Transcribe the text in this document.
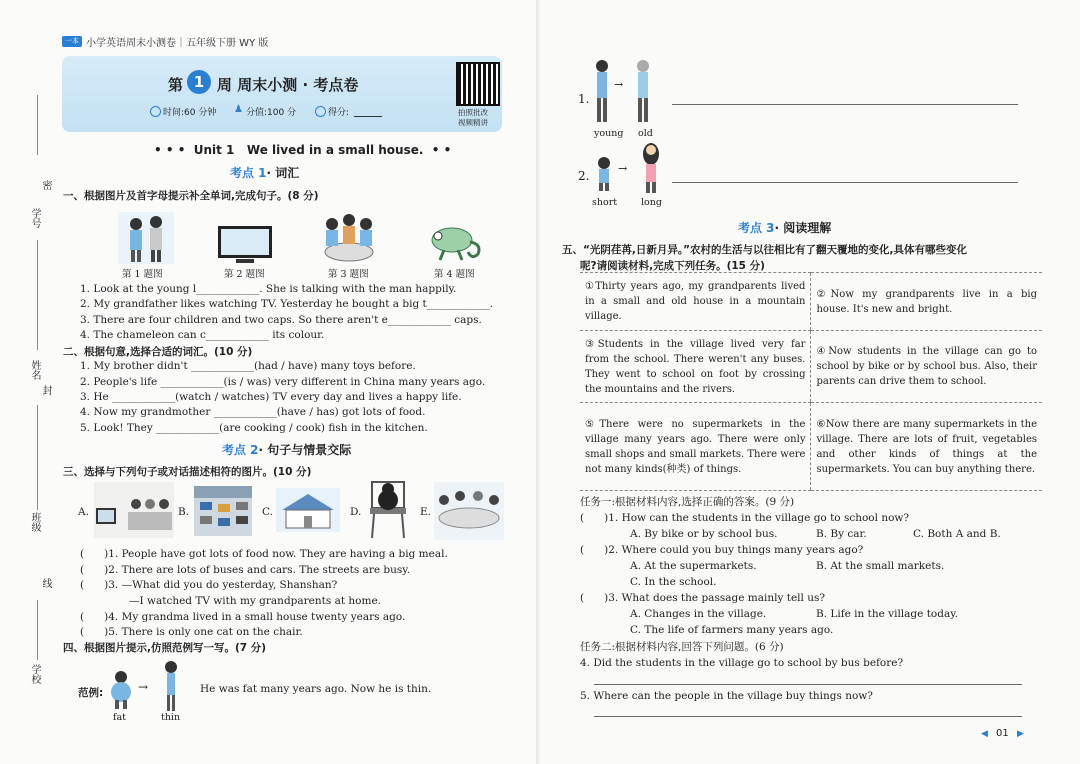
一本 小学英语周末小测卷｜五年级下册 WY 版
密
学号
姓名
封
班级
线
学校
第 1 周 周末小测 · 考点卷
时间:60 分钟 ♟ 分值:100 分	得分:	拍照批改
视频精讲
• • •  Unit 1   We lived in a small house.  • •
考点 1· 词汇
一、根据图片及首字母提示补全单词,完成句子。(8 分)
第 1 题图	第 2 题图	第 3 题图	第 4 题图
1. Look at the young l____________. She is talking with the man happily.
2. My grandfather likes watching TV. Yesterday he bought a big t____________.
3. There are four children and two caps. So there aren't e____________ caps.
4. The chameleon can c____________ its colour.
二、根据句意,选择合适的词汇。(10 分)
1. My brother didn't ____________(had / have) many toys before.
2. People's life ____________(is / was) very different in China many years ago.
3. He ____________(watch / watches) TV every day and lives a happy life.
4. Now my grandmother ____________(have / has) got lots of food.
5. Look! They ____________(are cooking / cook) fish in the kitchen.
考点 2· 句子与情景交际
三、选择与下列句子或对话描述相符的图片。(10 分)
A.	B.	C.	D.	E.
(      )1. People have got lots of food now. They are having a big meal.
(      )2. There are lots of buses and cars. The streets are busy.
(      )3. —What did you do yesterday, Shanshan?
—I watched TV with my grandparents at home.
(      )4. My grandma lived in a small house twenty years ago.
(      )5. There is only one cat on the chair.
四、根据图片提示,仿照范例写一写。(7 分)
范例:	→
fat	thin
He was fat many years ago. Now he is thin.
1.
→
young old
2.
→
short	long
考点 3· 阅读理解
五、“光阴荏苒,日新月异。”农村的生活与以往相比有了翻天覆地的变化,具体有哪些变化
呢?请阅读材料,完成下列任务。(15 分)
①Thirty years ago, my grandparents lived in a small and old house in a mountain village.	②Now my grandparents live in a big house. It's new and bright.
③Students in the village lived very far from the school. There weren't any buses. They went to school on foot by crossing the mountains and the rivers.	④Now students in the village can go to school by bike or by school bus. Also, their parents can drive them to school.
⑤There were no supermarkets in the village many years ago. There were only small shops and small markets. There were not many kinds(种类) of things.	⑥Now there are many supermarkets in the village. There are lots of fruit, vegetables and other kinds of things at the supermarkets. You can buy anything there.
任务一:根据材料内容,选择正确的答案。(9 分)
(      )1. How can the students in the village go to school now?
A. By bike or by school bus.	B. By car.	C. Both A and B.
(      )2. Where could you buy things many years ago?
A. At the supermarkets.	B. At the small markets.
C. In the school.
(      )3. What does the passage mainly tell us?
A. Changes in the village.	B. Life in the village today.
C. The life of farmers many years ago.
任务二:根据材料内容,回答下列问题。(6 分)
4. Did the students in the village go to school by bus before?
5. Where can the people in the village buy things now?
◀ 01 ▶
